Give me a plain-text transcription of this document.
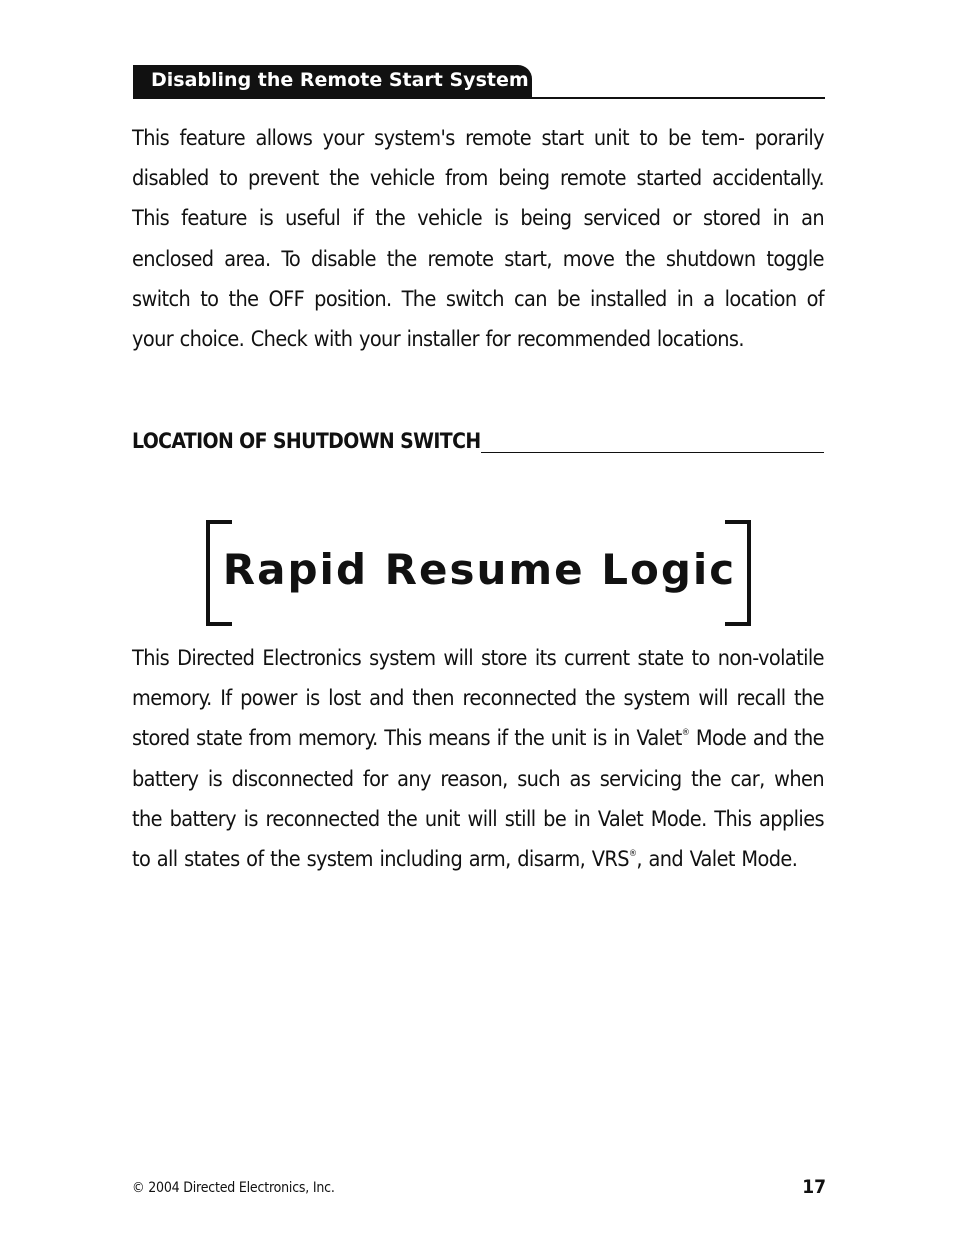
Disabling the Remote Start System

This feature allows your system's remote start unit to be tem- porarily disabled to prevent the vehicle from being remote started accidentally. This feature is useful if the vehicle is being serviced or stored in an enclosed area. To disable the remote start, move the shutdown toggle switch to the OFF position. The switch can be installed in a location of your choice. Check with your installer for recommended locations.

LOCATION OF SHUTDOWN SWITCH
Rapid Resume Logic

This Directed Electronics system will store its current state to non-volatile memory. If power is lost and then reconnected the system will recall the stored state from memory. This means if the unit is in Valet® Mode and the battery is disconnected for any reason, such as servicing the car, when the battery is reconnected the unit will still be in Valet Mode. This applies to all states of the system including arm, disarm, VRS®, and Valet Mode.

© 2004 Directed Electronics, Inc.	17
